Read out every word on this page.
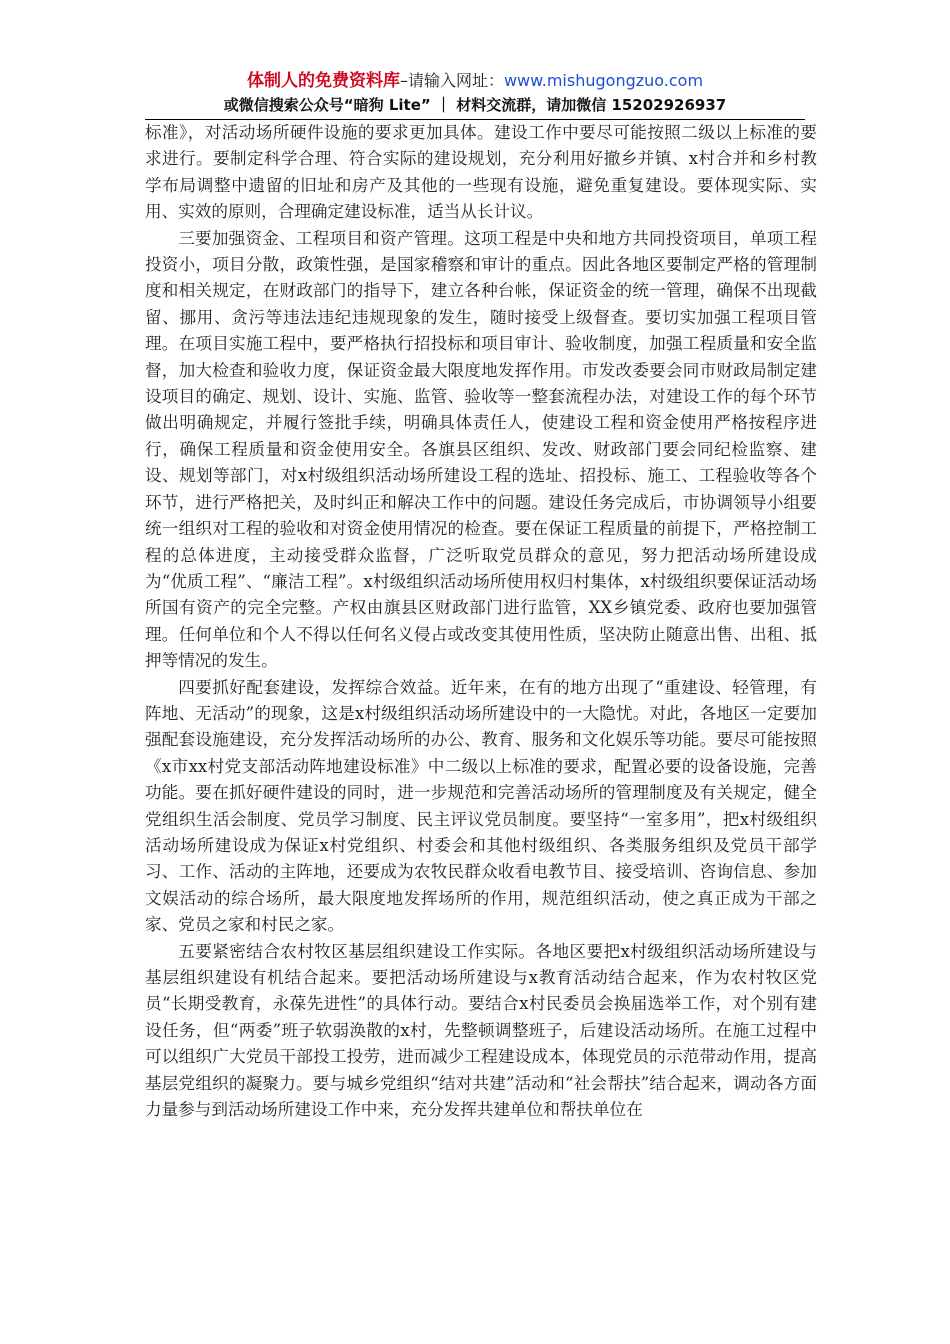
体制人的免费资料库–请输入网址：www.mishugongzuo.com
或微信搜索公众号“暗狗 Lite” ｜ 材料交流群，请加微信 15202926937

标准》，对活动场所硬件设施的要求更加具体。建设工作中要尽可能按照二级以上标准的要求进行。要制定科学合理、符合实际的建设规划，充分利用好撤乡并镇、x村合并和乡村教学布局调整中遗留的旧址和房产及其他的一些现有设施，避免重复建设。要体现实际、实用、实效的原则，合理确定建设标准，适当从长计议。

三要加强资金、工程项目和资产管理。这项工程是中央和地方共同投资项目，单项工程投资小，项目分散，政策性强，是国家稽察和审计的重点。因此各地区要制定严格的管理制度和相关规定，在财政部门的指导下，建立各种台帐，保证资金的统一管理，确保不出现截留、挪用、贪污等违法违纪违规现象的发生，随时接受上级督查。要切实加强工程项目管理。在项目实施工程中，要严格执行招投标和项目审计、验收制度，加强工程质量和安全监督，加大检查和验收力度，保证资金最大限度地发挥作用。市发改委要会同市财政局制定建设项目的确定、规划、设计、实施、监管、验收等一整套流程办法，对建设工作的每个环节做出明确规定，并履行签批手续，明确具体责任人，使建设工程和资金使用严格按程序进行，确保工程质量和资金使用安全。各旗县区组织、发改、财政部门要会同纪检监察、建设、规划等部门，对x村级组织活动场所建设工程的选址、招投标、施工、工程验收等各个环节，进行严格把关，及时纠正和解决工作中的问题。建设任务完成后，市协调领导小组要统一组织对工程的验收和对资金使用情况的检查。要在保证工程质量的前提下，严格控制工程的总体进度，主动接受群众监督，广泛听取党员群众的意见，努力把活动场所建设成为“优质工程”、“廉洁工程”。x村级组织活动场所使用权归村集体，x村级组织要保证活动场所国有资产的完全完整。产权由旗县区财政部门进行监管，XX乡镇党委、政府也要加强管理。任何单位和个人不得以任何名义侵占或改变其使用性质，坚决防止随意出售、出租、抵押等情况的发生。

四要抓好配套建设，发挥综合效益。近年来，在有的地方出现了“重建设、轻管理，有阵地、无活动”的现象，这是x村级组织活动场所建设中的一大隐忧。对此，各地区一定要加强配套设施建设，充分发挥活动场所的办公、教育、服务和文化娱乐等功能。要尽可能按照《x市xx村党支部活动阵地建设标准》中二级以上标准的要求，配置必要的设备设施，完善功能。要在抓好硬件建设的同时，进一步规范和完善活动场所的管理制度及有关规定，健全党组织生活会制度、党员学习制度、民主评议党员制度。要坚持“一室多用”，把x村级组织活动场所建设成为保证x村党组织、村委会和其他村级组织、各类服务组织及党员干部学习、工作、活动的主阵地，还要成为农牧民群众收看电教节目、接受培训、咨询信息、参加文娱活动的综合场所，最大限度地发挥场所的作用，规范组织活动，使之真正成为干部之家、党员之家和村民之家。

五要紧密结合农村牧区基层组织建设工作实际。各地区要把x村级组织活动场所建设与基层组织建设有机结合起来。要把活动场所建设与x教育活动结合起来，作为农村牧区党员“长期受教育，永葆先进性”的具体行动。要结合x村民委员会换届选举工作，对个别有建设任务，但“两委”班子软弱涣散的x村，先整顿调整班子，后建设活动场所。在施工过程中可以组织广大党员干部投工投劳，进而减少工程建设成本，体现党员的示范带动作用，提高基层党组织的凝聚力。要与城乡党组织“结对共建”活动和“社会帮扶”结合起来，调动各方面力量参与到活动场所建设工作中来，充分发挥共建单位和帮扶单位在
